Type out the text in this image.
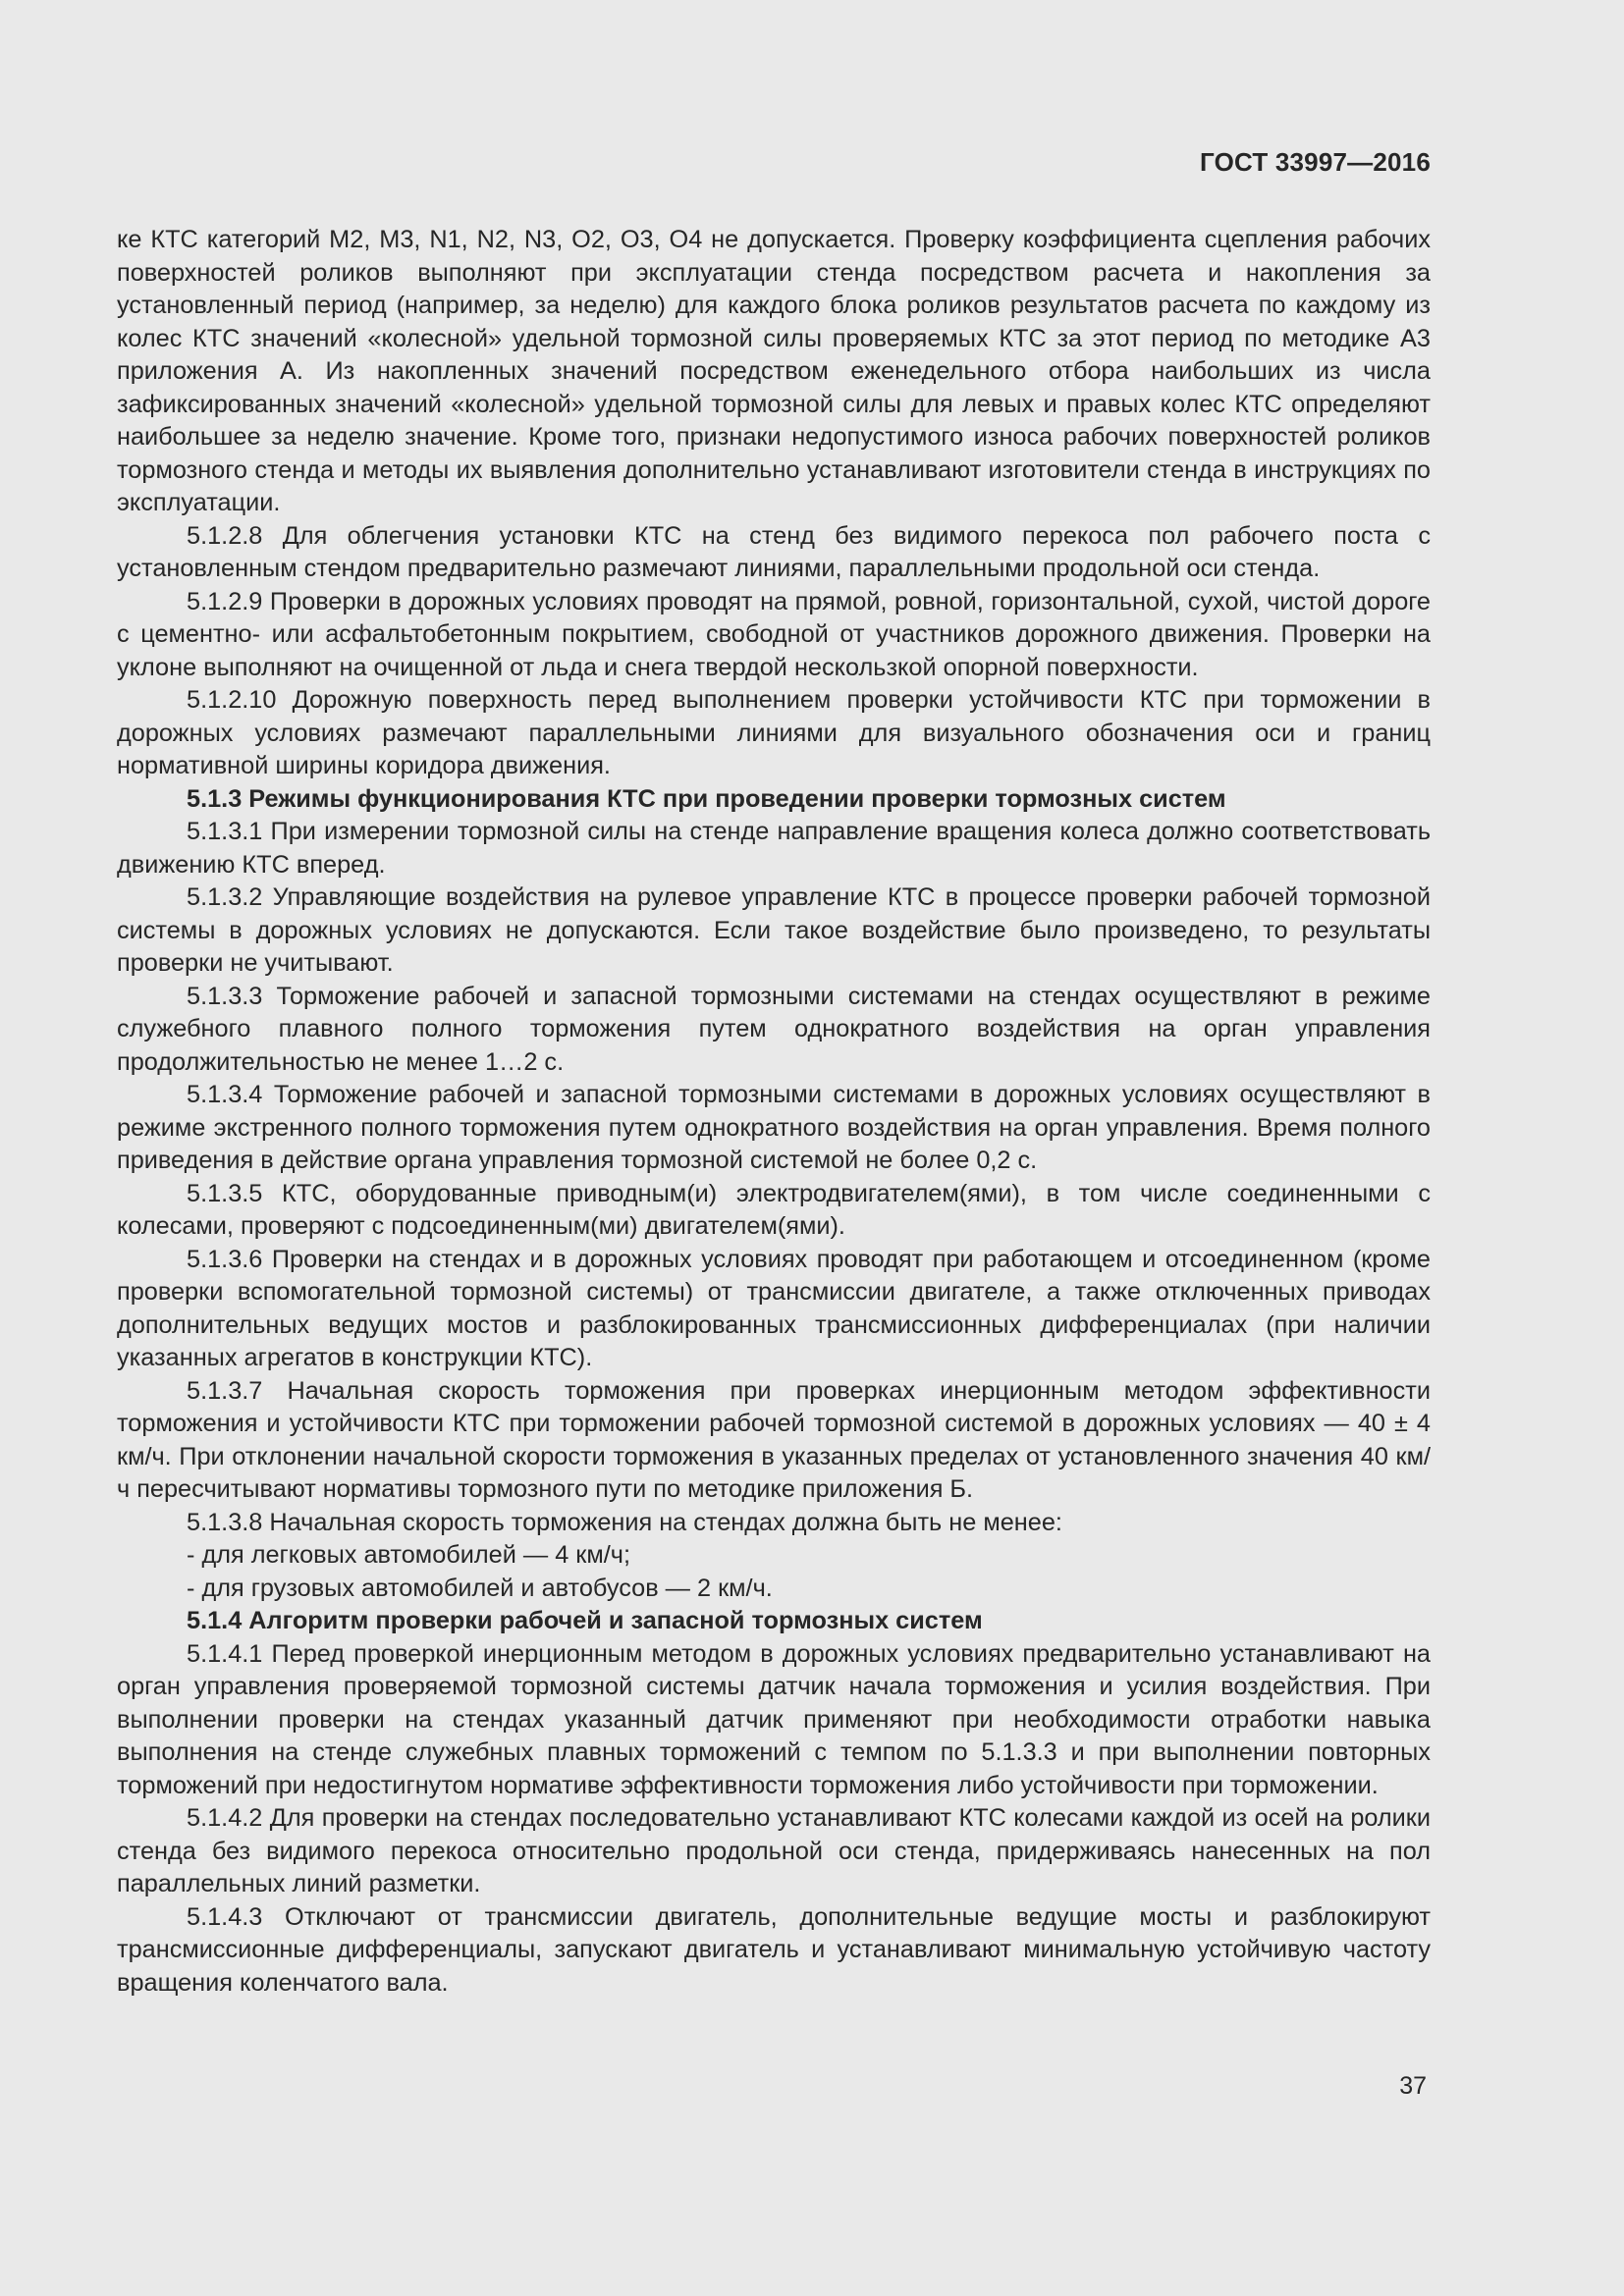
ГОСТ 33997—2016

ке КТС категорий М2, М3, N1, N2, N3, О2, О3, О4 не допускается. Проверку коэффициента сцепления рабочих поверхностей роликов выполняют при эксплуатации стенда посредством расчета и накопления за установленный период (например, за неделю) для каждого блока роликов результатов расчета по каждому из колес КТС значений «колесной» удельной тормозной силы проверяемых КТС за этот период по методике А3 приложения А. Из накопленных значений посредством еженедельного отбора наибольших из числа зафиксированных значений «колесной» удельной тормозной силы для левых и правых колес КТС определяют наибольшее за неделю значение. Кроме того, признаки недопустимого износа рабочих поверхностей роликов тормозного стенда и методы их выявления дополнительно устанавливают изготовители стенда в инструкциях по эксплуатации.

5.1.2.8 Для облегчения установки КТС на стенд без видимого перекоса пол рабочего поста с установленным стендом предварительно размечают линиями, параллельными продольной оси стенда.

5.1.2.9 Проверки в дорожных условиях проводят на прямой, ровной, горизонтальной, сухой, чистой дороге с цементно- или асфальтобетонным покрытием, свободной от участников дорожного движения. Проверки на уклоне выполняют на очищенной от льда и снега твердой нескользкой опорной поверхности.

5.1.2.10 Дорожную поверхность перед выполнением проверки устойчивости КТС при торможении в дорожных условиях размечают параллельными линиями для визуального обозначения оси и границ нормативной ширины коридора движения.

5.1.3 Режимы функционирования КТС при проведении проверки тормозных систем

5.1.3.1 При измерении тормозной силы на стенде направление вращения колеса должно соответствовать движению КТС вперед.

5.1.3.2 Управляющие воздействия на рулевое управление КТС в процессе проверки рабочей тормозной системы в дорожных условиях не допускаются. Если такое воздействие было произведено, то результаты проверки не учитывают.

5.1.3.3 Торможение рабочей и запасной тормозными системами на стендах осуществляют в режиме служебного плавного полного торможения путем однократного воздействия на орган управления продолжительностью не менее 1…2 с.

5.1.3.4 Торможение рабочей и запасной тормозными системами в дорожных условиях осуществляют в режиме экстренного полного торможения путем однократного воздействия на орган управления. Время полного приведения в действие органа управления тормозной системой не более 0,2 с.

5.1.3.5 КТС, оборудованные приводным(и) электродвигателем(ями), в том числе соединенными с колесами, проверяют с подсоединенным(ми) двигателем(ями).

5.1.3.6 Проверки на стендах и в дорожных условиях проводят при работающем и отсоединенном (кроме проверки вспомогательной тормозной системы) от трансмиссии двигателе, а также отключенных приводах дополнительных ведущих мостов и разблокированных трансмиссионных дифференциалах (при наличии указанных агрегатов в конструкции КТС).

5.1.3.7 Начальная скорость торможения при проверках инерционным методом эффективности торможения и устойчивости КТС при торможении рабочей тормозной системой в дорожных условиях — 40 ± 4 км/ч. При отклонении начальной скорости торможения в указанных пределах от установленного значения 40 км/ч пересчитывают нормативы тормозного пути по методике приложения Б.

5.1.3.8 Начальная скорость торможения на стендах должна быть не менее:

- для легковых автомобилей — 4 км/ч;

- для грузовых автомобилей и автобусов — 2 км/ч.

5.1.4 Алгоритм проверки рабочей и запасной тормозных систем

5.1.4.1 Перед проверкой инерционным методом в дорожных условиях предварительно устанавливают на орган управления проверяемой тормозной системы датчик начала торможения и усилия воздействия. При выполнении проверки на стендах указанный датчик применяют при необходимости отработки навыка выполнения на стенде служебных плавных торможений с темпом по 5.1.3.3 и при выполнении повторных торможений при недостигнутом нормативе эффективности торможения либо устойчивости при торможении.

5.1.4.2 Для проверки на стендах последовательно устанавливают КТС колесами каждой из осей на ролики стенда без видимого перекоса относительно продольной оси стенда, придерживаясь нанесенных на пол параллельных линий разметки.

5.1.4.3 Отключают от трансмиссии двигатель, дополнительные ведущие мосты и разблокируют трансмиссионные дифференциалы, запускают двигатель и устанавливают минимальную устойчивую частоту вращения коленчатого вала.

37
